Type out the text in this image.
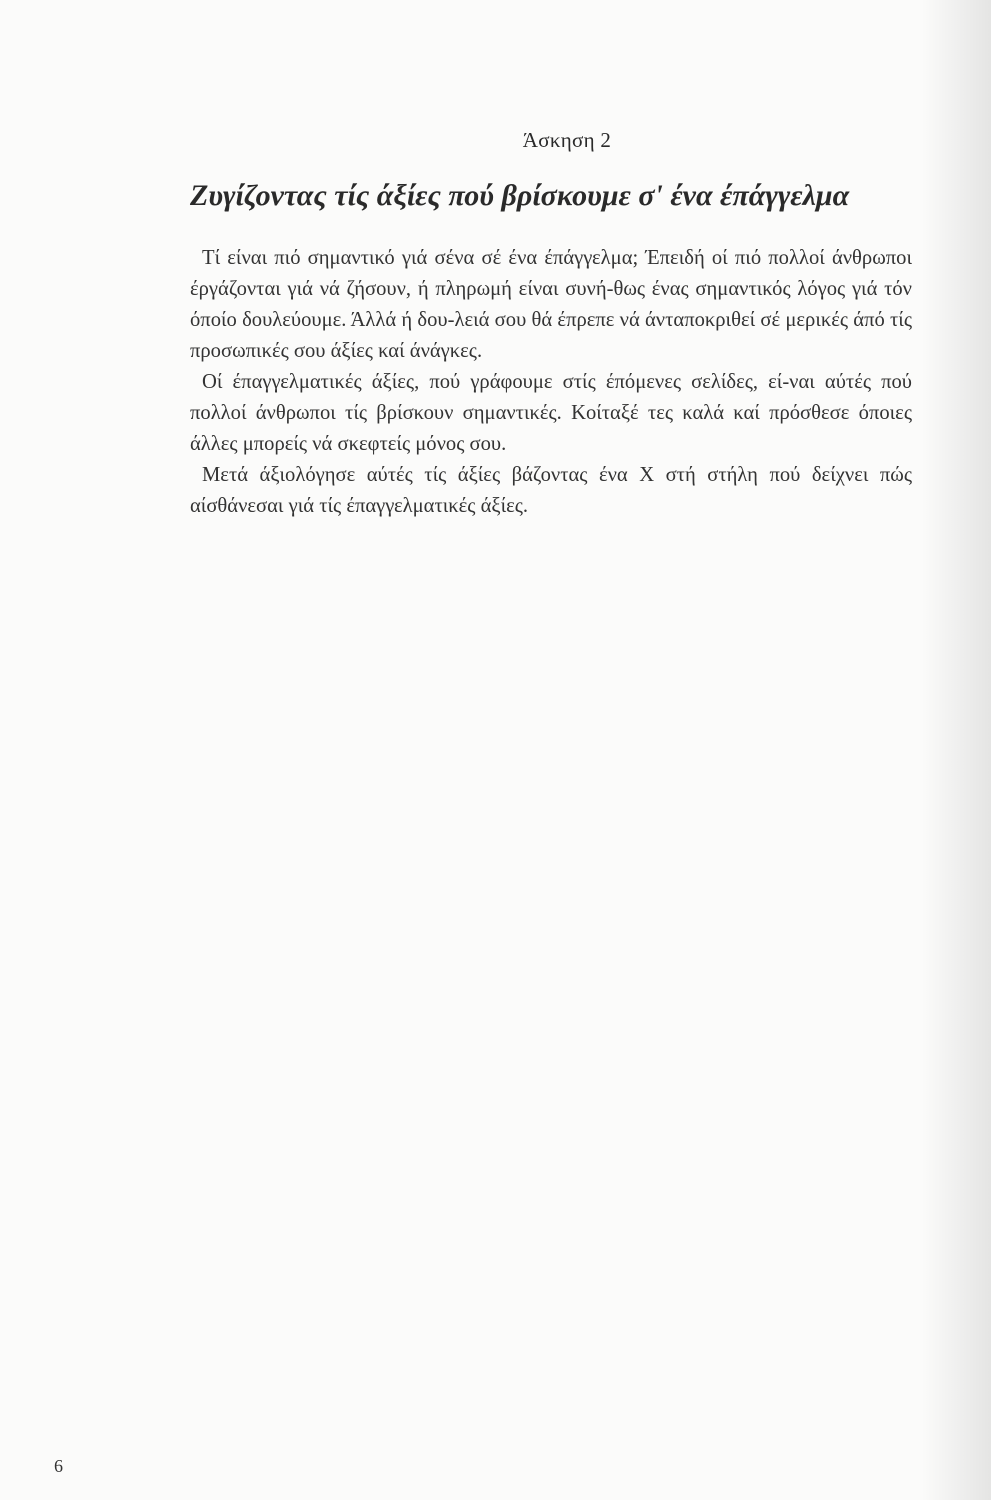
Άσκηση 2
Ζυγίζοντας τίς άξίες πού βρίσκουμε σ' ένα έπάγγελμα

Τί είναι πιό σημαντικό γιά σένα σέ ένα έπάγγελμα; Έπειδή οί πιό πολλοί άνθρωποι έργάζονται γιά νά ζήσουν, ή πληρωμή είναι συνή-θως ένας σημαντικός λόγος γιά τόν όποίο δουλεύουμε. Άλλά ή δου-λειά σου θά έπρεπε νά άνταποκριθεί σέ μερικές άπό τίς προσωπικές σου άξίες καί άνάγκες.

Οί έπαγγελματικές άξίες, πού γράφουμε στίς έπόμενες σελίδες, εί-ναι αύτές πού πολλοί άνθρωποι τίς βρίσκουν σημαντικές. Κοίταξέ τες καλά καί πρόσθεσε όποιες άλλες μπορείς νά σκεφτείς μόνος σου.

Μετά άξιολόγησε αύτές τίς άξίες βάζοντας ένα Χ στή στήλη πού δείχνει πώς αίσθάνεσαι γιά τίς έπαγγελματικές άξίες.

6
